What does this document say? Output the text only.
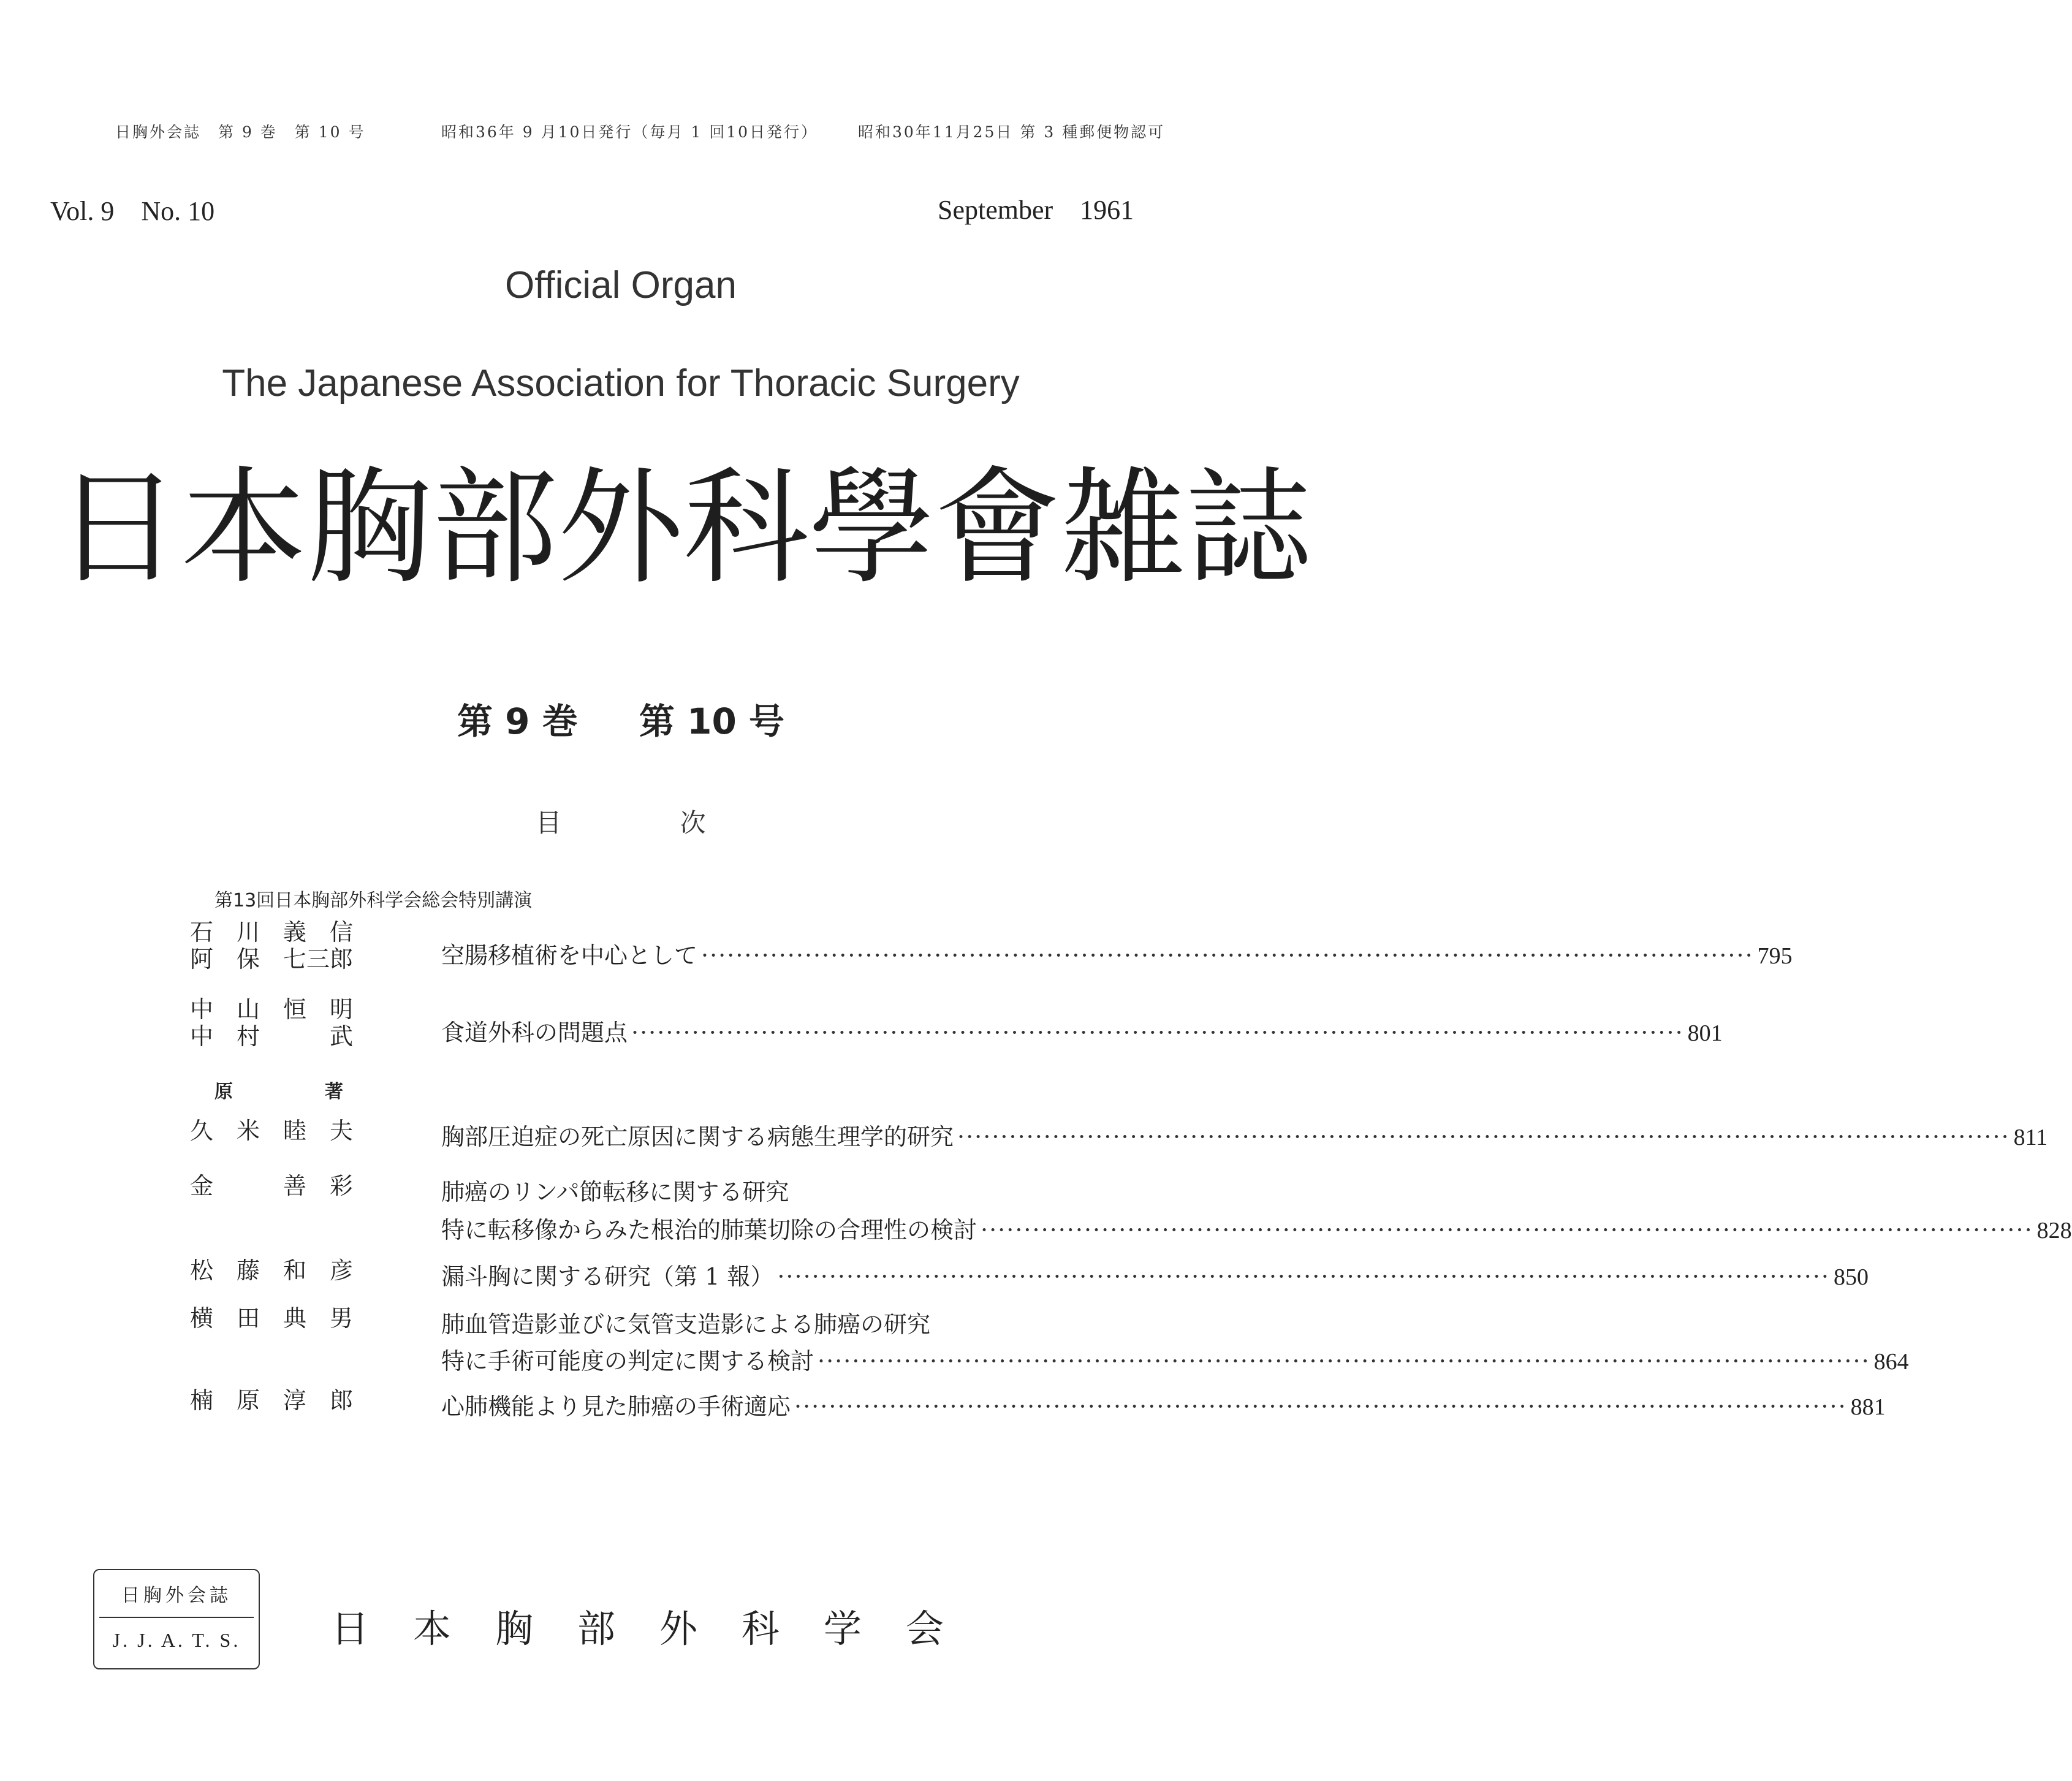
日胸外会誌　第 9 巻　第 10 号	昭和36年 9 月10日発行（毎月 1 回10日発行）	昭和30年11月25日 第 3 種郵便物認可
Vol. 9　No. 10	September　1961
Official Organ
The Japanese Association for Thoracic Surgery
日 本 胸 部 外 科 學 會 雑 誌
第 9 巻 第 10 号
目	次
第13回日本胸部外科学会総会特別講演
石　川　義　信
阿　保　七三郎	空腸移植術を中心として ·····	795
中　山　恒　明
中　村　　　武	食道外科の問題点 ·····	801
原	著
久　米　睦　夫	胸部圧迫症の死亡原因に関する病態生理学的研究 ·····	811
金　　　善　彩	肺癌のリンパ節転移に関する研究
特に転移像からみた根治的肺葉切除の合理性の検討 ·····	828
松　藤　和　彦	漏斗胸に関する研究（第 1 報） ·····	850
横　田　典　男	肺血管造影並びに気管支造影による肺癌の研究
特に手術可能度の判定に関する検討 ·····	864
楠　原　淳　郎	心肺機能より見た肺癌の手術適応 ·····	881
日胸外会誌
J. J. A. T. S.	日 本 胸 部 外 科 学 会
